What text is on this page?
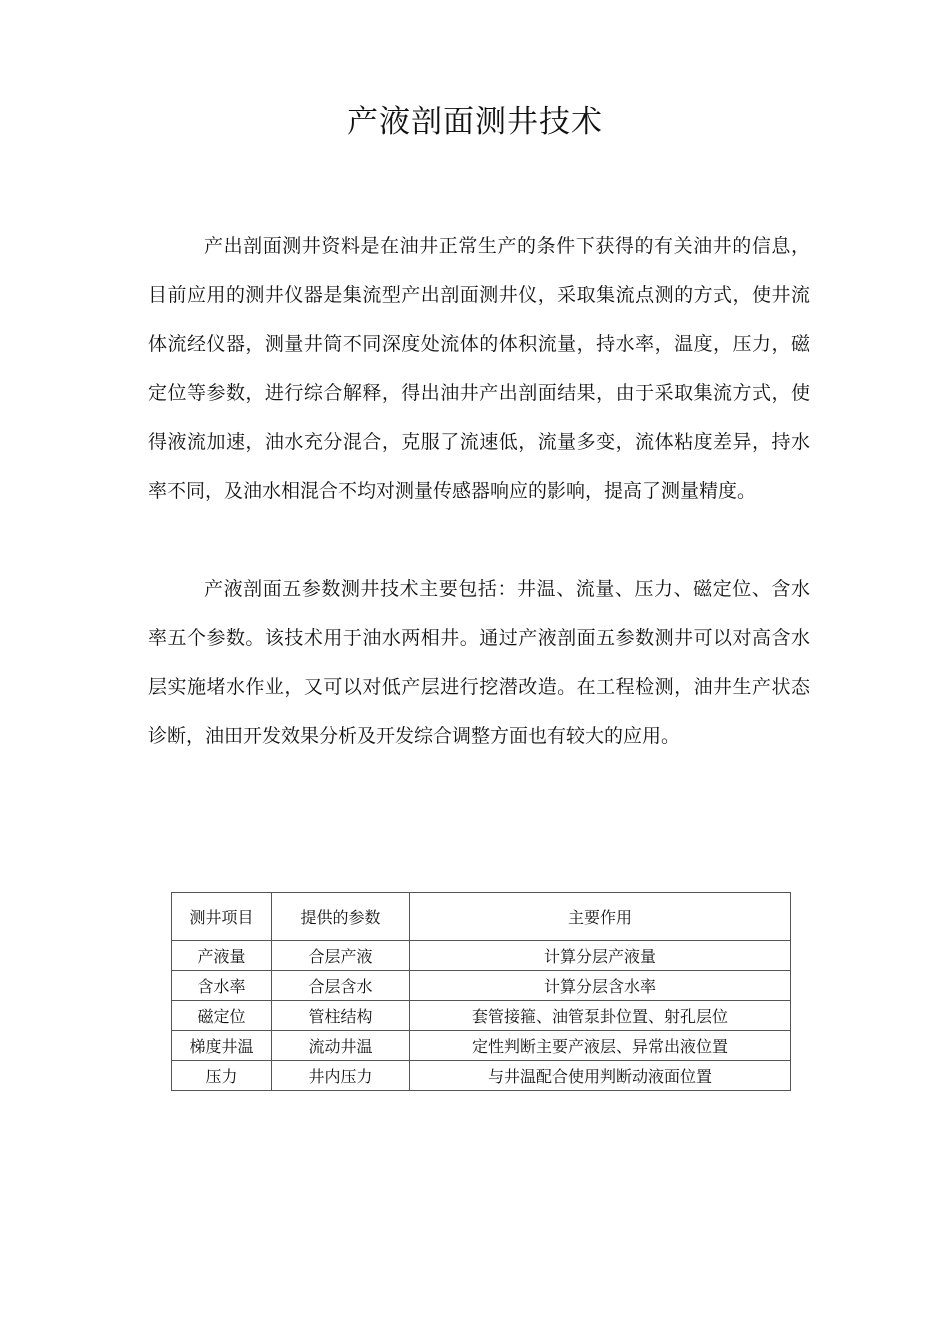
产液剖面测井技术

产出剖面测井资料是在油井正常生产的条件下获得的有关油井的信息，目前应用的测井仪器是集流型产出剖面测井仪，采取集流点测的方式，使井流体流经仪器，测量井筒不同深度处流体的体积流量，持水率，温度，压力，磁定位等参数，进行综合解释，得出油井产出剖面结果，由于采取集流方式，使得液流加速，油水充分混合，克服了流速低，流量多变，流体粘度差异，持水率不同，及油水相混合不均对测量传感器响应的影响，提高了测量精度。

产液剖面五参数测井技术主要包括：井温、流量、压力、磁定位、含水率五个参数。该技术用于油水两相井。通过产液剖面五参数测井可以对高含水层实施堵水作业，又可以对低产层进行挖潜改造。在工程检测，油井生产状态诊断，油田开发效果分析及开发综合调整方面也有较大的应用。

测井项目	提供的参数	主要作用
产液量	合层产液	计算分层产液量
含水率	合层含水	计算分层含水率
磁定位	管柱结构	套管接箍、油管泵卦位置、射孔层位
梯度井温	流动井温	定性判断主要产液层、异常出液位置
压力	井内压力	与井温配合使用判断动液面位置
